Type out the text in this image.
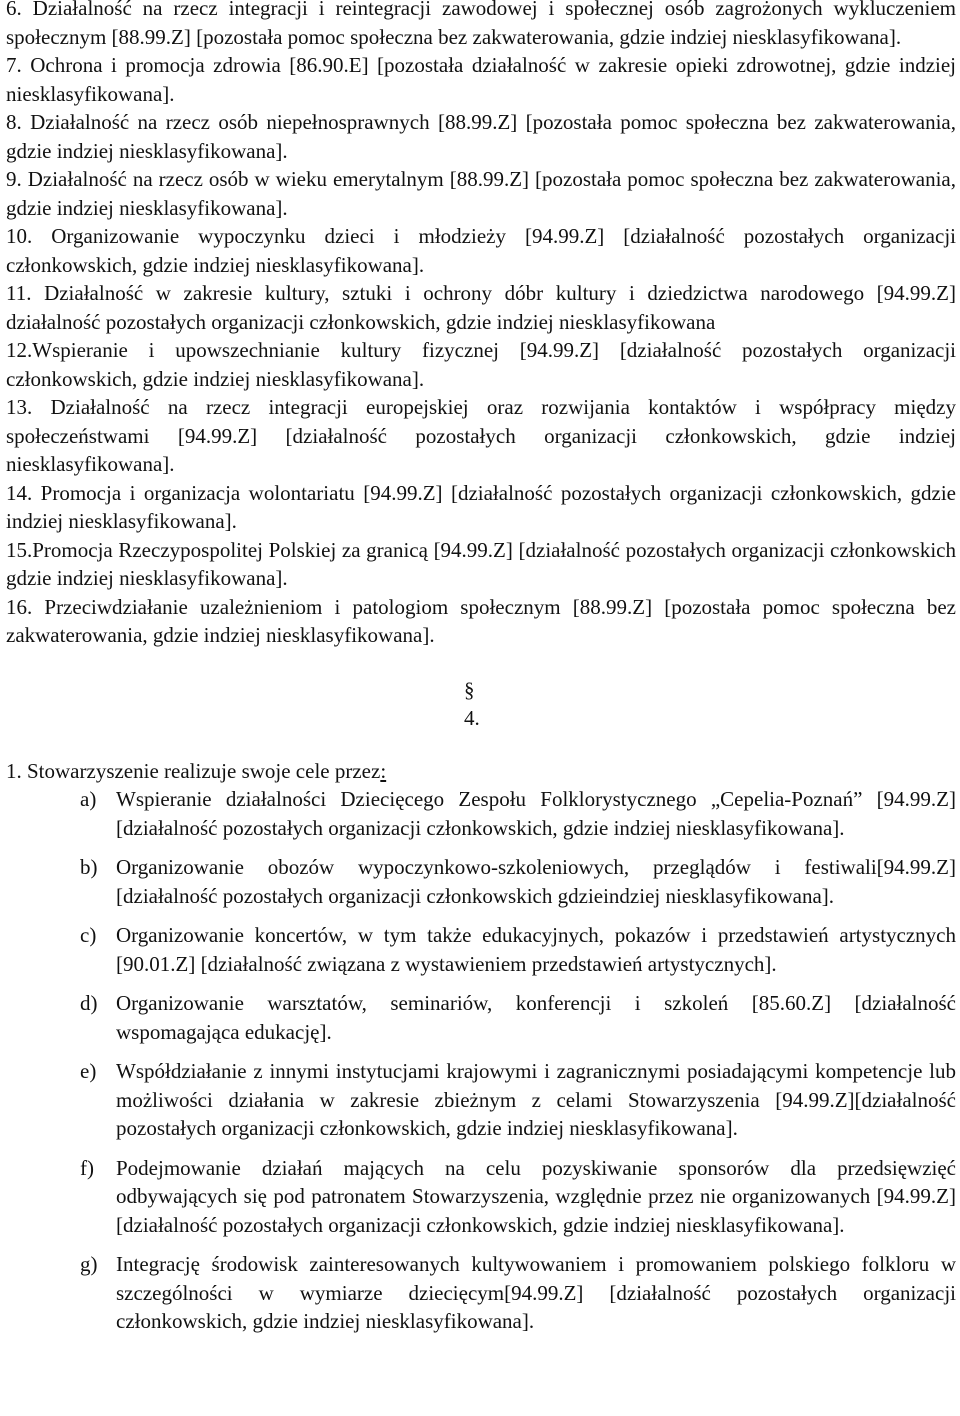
6. Działalność na rzecz integracji i reintegracji zawodowej i społecznej osób zagrożonych wykluczeniem społecznym [88.99.Z] [pozostała pomoc społeczna bez zakwaterowania, gdzie indziej niesklasyfikowana].

7. Ochrona i promocja zdrowia [86.90.E] [pozostała działalność w zakresie opieki zdrowotnej, gdzie indziej niesklasyfikowana].

8. Działalność na rzecz osób niepełnosprawnych [88.99.Z] [pozostała pomoc społeczna bez zakwaterowania, gdzie indziej niesklasyfikowana].

9. Działalność na rzecz osób w wieku emerytalnym [88.99.Z] [pozostała pomoc społeczna bez zakwaterowania, gdzie indziej niesklasyfikowana].

10. Organizowanie wypoczynku dzieci i młodzieży [94.99.Z] [działalność pozostałych organizacji członkowskich, gdzie indziej niesklasyfikowana].

11. Działalność w zakresie kultury, sztuki i ochrony dóbr kultury i dziedzictwa narodowego [94.99.Z] działalność pozostałych organizacji członkowskich, gdzie indziej niesklasyfikowana

12.Wspieranie i upowszechnianie kultury fizycznej [94.99.Z] [działalność pozostałych organizacji członkowskich, gdzie indziej niesklasyfikowana].

13. Działalność na rzecz integracji europejskiej oraz rozwijania kontaktów i współpracy między społeczeństwami [94.99.Z] [działalność pozostałych organizacji członkowskich, gdzie indziej niesklasyfikowana].

14. Promocja i organizacja wolontariatu [94.99.Z] [działalność pozostałych organizacji członkowskich, gdzie indziej niesklasyfikowana].

15.Promocja Rzeczypospolitej Polskiej za granicą [94.99.Z] [działalność pozostałych organizacji członkowskich gdzie indziej niesklasyfikowana].

16. Przeciwdziałanie uzależnieniom i patologiom społecznym [88.99.Z] [pozostała pomoc społeczna bez zakwaterowania, gdzie indziej niesklasyfikowana].

§ 4.

1. Stowarzyszenie realizuje swoje cele przez:

a) Wspieranie działalności Dziecięcego Zespołu Folklorystycznego „Cepelia-Poznań” [94.99.Z] [działalność pozostałych organizacji członkowskich, gdzie indziej niesklasyfikowana].
b) Organizowanie obozów wypoczynkowo-szkoleniowych, przeglądów i festiwali[94.99.Z] [działalność pozostałych organizacji członkowskich gdzieindziej niesklasyfikowana].
c) Organizowanie koncertów, w tym także edukacyjnych, pokazów i przedstawień artystycznych [90.01.Z] [działalność związana z wystawieniem przedstawień artystycznych].
d) Organizowanie warsztatów, seminariów, konferencji i szkoleń [85.60.Z] [działalność wspomagająca edukację].
e) Współdziałanie z innymi instytucjami krajowymi i zagranicznymi posiadającymi kompetencje lub możliwości działania w zakresie zbieżnym z celami Stowarzyszenia [94.99.Z][działalność pozostałych organizacji członkowskich, gdzie indziej niesklasyfikowana].
f)	Podejmowanie działań mających na celu pozyskiwanie sponsorów dla przedsięwzięć odbywających się pod patronatem Stowarzyszenia, względnie przez nie organizowanych [94.99.Z] [działalność pozostałych organizacji członkowskich, gdzie indziej niesklasyfikowana].
g) Integrację środowisk zainteresowanych kultywowaniem i promowaniem polskiego folkloru w szczególności w wymiarze dziecięcym[94.99.Z] [działalność pozostałych organizacji członkowskich, gdzie indziej niesklasyfikowana].
